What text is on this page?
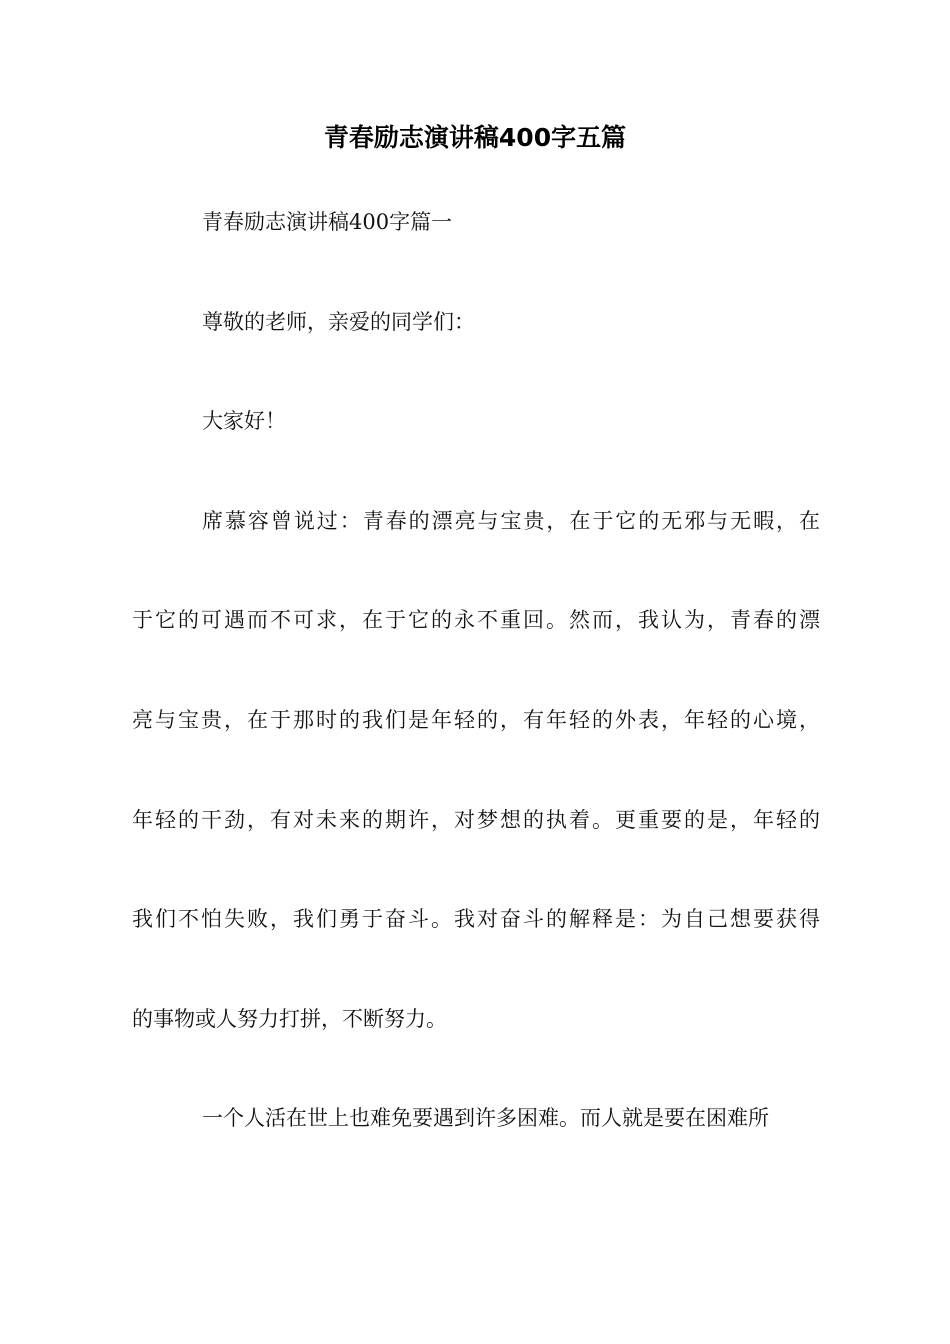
青春励志演讲稿400字五篇
青春励志演讲稿400字篇一
尊敬的老师，亲爱的同学们：
大家好！
席慕容曾说过：青春的漂亮与宝贵，在于它的无邪与无暇，在
于它的可遇而不可求，在于它的永不重回。然而，我认为，青春的漂
亮与宝贵，在于那时的我们是年轻的，有年轻的外表，年轻的心境，
年轻的干劲，有对未来的期许，对梦想的执着。更重要的是，年轻的
我们不怕失败，我们勇于奋斗。我对奋斗的解释是：为自己想要获得
的事物或人努力打拼，不断努力。
一个人活在世上也难免要遇到许多困难。而人就是要在困难所
